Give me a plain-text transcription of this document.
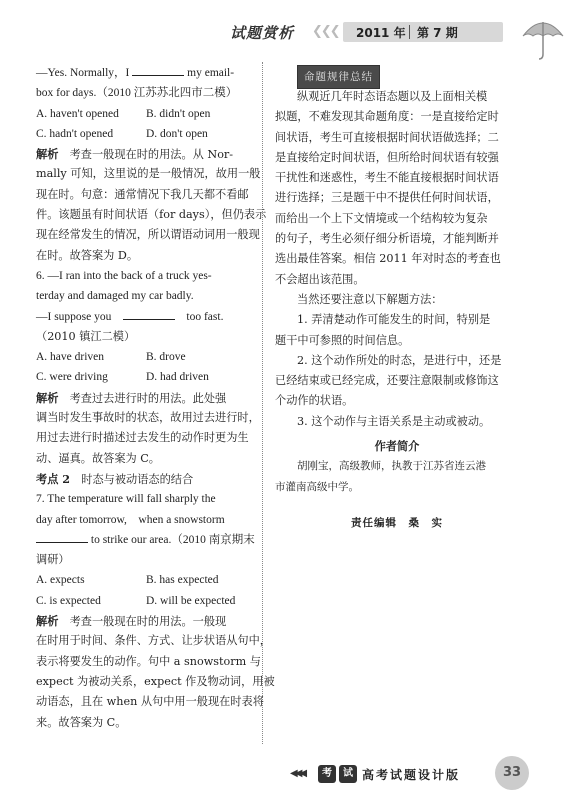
试题赏析 ❮❮❮ 2011 年 第 7 期
—Yes. Normally，I	my email-
box for days.（2010 江苏苏北四市二模）
A. haven't opened	B. didn't open
C. hadn't opened	D. don't open
解析　 考查一般现在时的用法。从 Nor-
mally 可知，这里说的是一般情况，故用一般
现在时。句意：通常情况下我几天都不看邮
件。该题虽有时间状语（for days），但仍表示
现在经常发生的情况，所以谓语动词用一般现
在时。故答案为 D。
6. —I ran into the back of a truck yes-
terday and damaged my car badly.
—I suppose you　　	too fast.
（2010 镇江二模）
A. have driven	B. drove
C. were driving	D. had driven
解析　 考查过去进行时的用法。此处强
调当时发生事故时的状态，故用过去进行时，
用过去进行时描述过去发生的动作时更为生
动、逼真。故答案为 C。
考点 2　 时态与被动语态的结合
7. The temperature will fall sharply the
day after tomorrow,　 when a snowstorm
to strike our area.（2010 南京期末
调研）
A. expects	B. has expected
C. is expected	D. will be expected
解析　 考查一般现在时的用法。一般现
在时用于时间、条件、方式、让步状语从句中，
表示将要发生的动作。句中 a snowstorm 与
expect 为被动关系，expect 作及物动词，用被
动语态，且在 when 从句中用一般现在时表将
来。故答案为 C。
命题规律总结
纵观近几年时态语态题以及上面相关模
拟题，不难发现其命题角度：一是直接给定时
间状语，考生可直接根据时间状语做选择；二
是直接给定时间状语，但所给时间状语有较强
干扰性和迷惑性，考生不能直接根据时间状语
进行选择；三是题干中不提供任何时间状语，
而给出一个上下文情境或一个结构较为复杂
的句子，考生必须仔细分析语境，才能判断并
选出最佳答案。相信 2011 年对时态的考查也
不会超出该范围。
当然还要注意以下解题方法：
1. 弄清楚动作可能发生的时间，特别是
题干中可参照的时间信息。
2. 这个动作所处的时态，是进行中，还是
已经结束或已经完成，还要注意限制或修饰这
个动作的状语。
3. 这个动作与主语关系是主动或被动。
作者简介
胡刚宝，高级教师，执教于江苏省连云港
市灌南高级中学。
责任编辑　桑　实
◀◀◀	考	试 高考试题设计版	33
